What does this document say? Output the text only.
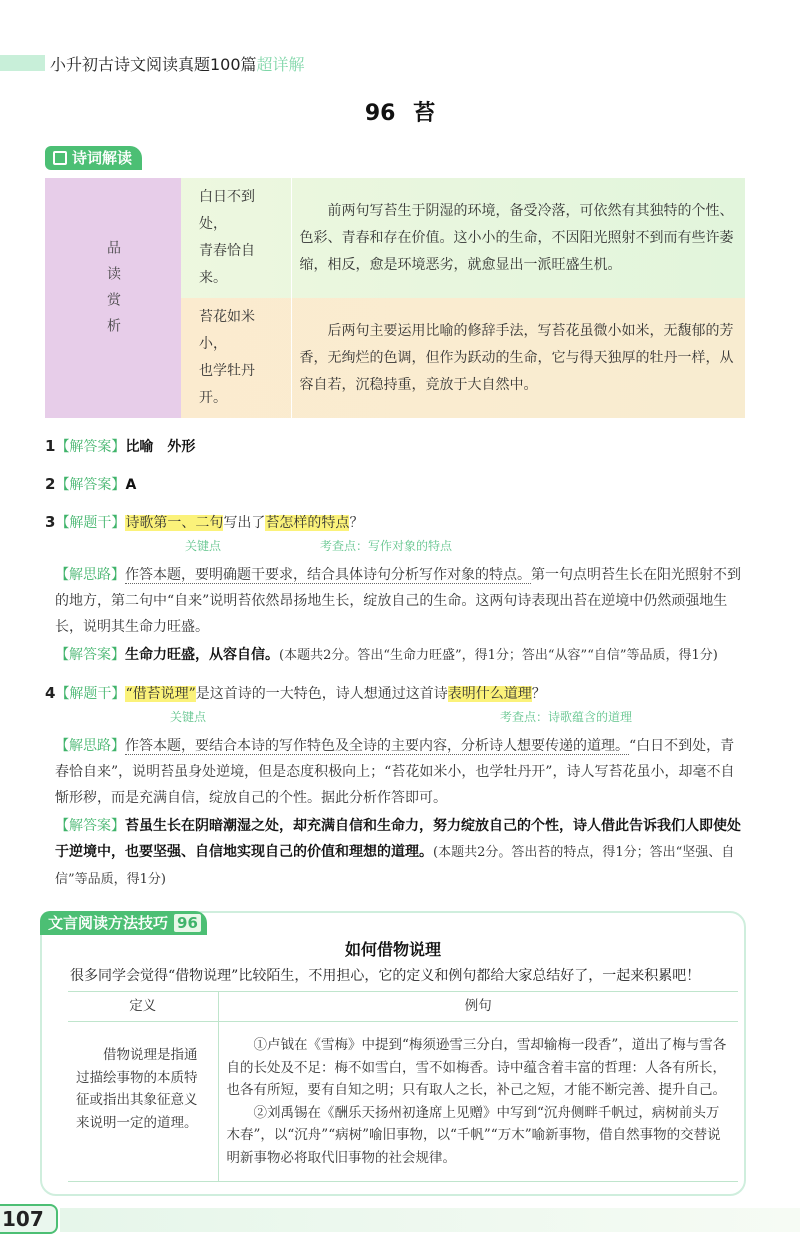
小升初古诗文阅读真题100篇超详解
96 苔
诗词解读
品读赏析	白日不到处，
青春恰自来。	前两句写苔生于阴湿的环境，备受冷落，可依然有其独特的个性、色彩、青春和存在价值。这小小的生命，不因阳光照射不到而有些许萎缩，相反，愈是环境恶劣，就愈显出一派旺盛生机。

	苔花如米小，
也学牡丹开。	后两句主要运用比喻的修辞手法，写苔花虽微小如米，无馥郁的芳香，无绚烂的色调，但作为跃动的生命，它与得天独厚的牡丹一样，从容自若，沉稳持重，竞放于大自然中。
1【解答案】比喻　外形
2【解答案】A
3【解题干】诗歌第一、二句写出了苔怎样的特点？
关键点	考查点：写作对象的特点
【解思路】作答本题，要明确题干要求，结合具体诗句分析写作对象的特点。第一句点明苔生长在阳光照射不到的地方，第二句中“自来”说明苔依然昂扬地生长，绽放自己的生命。这两句诗表现出苔在逆境中仍然顽强地生长，说明其生命力旺盛。
【解答案】生命力旺盛，从容自信。(本题共2分。答出“生命力旺盛”，得1分；答出“从容”“自信”等品质，得1分)
4【解题干】“借苔说理”是这首诗的一大特色，诗人想通过这首诗表明什么道理？
关键点	考查点：诗歌蕴含的道理
【解思路】作答本题，要结合本诗的写作特色及全诗的主要内容，分析诗人想要传递的道理。“白日不到处，青春恰自来”，说明苔虽身处逆境，但是态度积极向上；“苔花如米小，也学牡丹开”，诗人写苔花虽小，却毫不自惭形秽，而是充满自信，绽放自己的个性。据此分析作答即可。
【解答案】苔虽生长在阴暗潮湿之处，却充满自信和生命力，努力绽放自己的个性，诗人借此告诉我们人即使处于逆境中，也要坚强、自信地实现自己的价值和理想的道理。(本题共2分。答出苔的特点，得1分；答出“坚强、自信”等品质，得1分)
文言阅读方法技巧 96
如何借物说理
很多同学会觉得“借物说理”比较陌生，不用担心，它的定义和例句都给大家总结好了，一起来积累吧！
定义	例句
借物说理是指通过描绘事物的本质特征或指出其象征意义来说明一定的道理。	①卢钺在《雪梅》中提到“梅须逊雪三分白，雪却输梅一段香”，道出了梅与雪各自的长处及不足：梅不如雪白，雪不如梅香。诗中蕴含着丰富的哲理：人各有所长，也各有所短，要有自知之明；只有取人之长，补己之短，才能不断完善、提升自己。
②刘禹锡在《酬乐天扬州初逢席上见赠》中写到“沉舟侧畔千帆过，病树前头万木春”，以“沉舟”“病树”喻旧事物，以“千帆”“万木”喻新事物，借自然事物的交替说明新事物必将取代旧事物的社会规律。
107
